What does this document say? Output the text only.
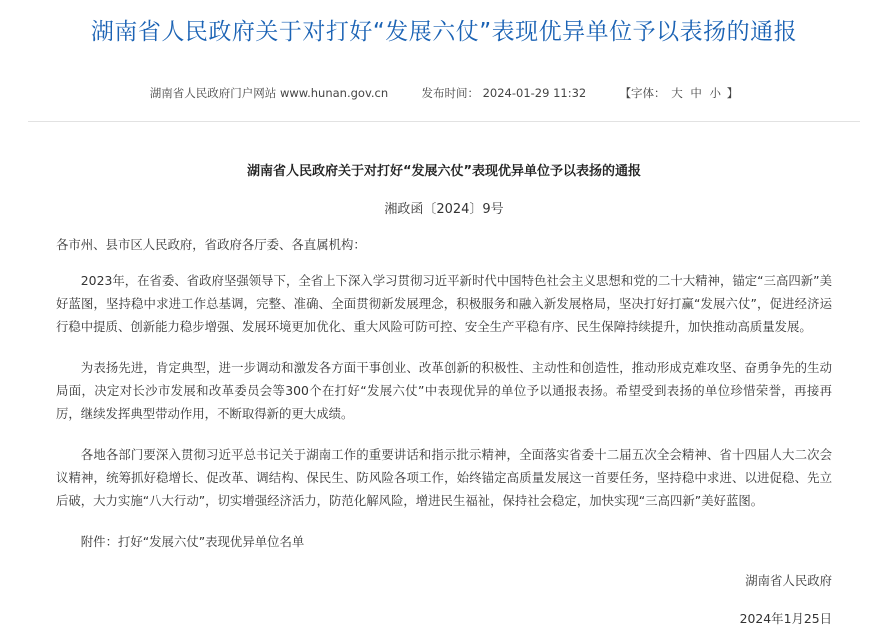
湖南省人民政府关于对打好“发展六仗”表现优异单位予以表扬的通报
湖南省人民政府门户网站 www.hunan.gov.cn	发布时间： 2024-01-29 11:32	【字体： 大 中 小 】
湖南省人民政府关于对打好“发展六仗”表现优异单位予以表扬的通报
湘政函〔2024〕9号

各市州、县市区人民政府，省政府各厅委、各直属机构：

2023年，在省委、省政府坚强领导下，全省上下深入学习贯彻习近平新时代中国特色社会主义思想和党的二十大精神，锚定“三高四新”美好蓝图，坚持稳中求进工作总基调，完整、准确、全面贯彻新发展理念，积极服务和融入新发展格局，坚决打好打赢“发展六仗”，促进经济运行稳中提质、创新能力稳步增强、发展环境更加优化、重大风险可防可控、安全生产平稳有序、民生保障持续提升，加快推动高质量发展。

为表扬先进，肯定典型，进一步调动和激发各方面干事创业、改革创新的积极性、主动性和创造性，推动形成克难攻坚、奋勇争先的生动局面，决定对长沙市发展和改革委员会等300个在打好“发展六仗”中表现优异的单位予以通报表扬。希望受到表扬的单位珍惜荣誉，再接再厉，继续发挥典型带动作用，不断取得新的更大成绩。

各地各部门要深入贯彻习近平总书记关于湖南工作的重要讲话和指示批示精神，全面落实省委十二届五次全会精神、省十四届人大二次会议精神，统筹抓好稳增长、促改革、调结构、保民生、防风险各项工作，始终锚定高质量发展这一首要任务，坚持稳中求进、以进促稳、先立后破，大力实施“八大行动”，切实增强经济活力，防范化解风险，增进民生福祉，保持社会稳定，加快实现“三高四新”美好蓝图。

附件：打好“发展六仗”表现优异单位名单

湖南省人民政府
2024年1月25日
